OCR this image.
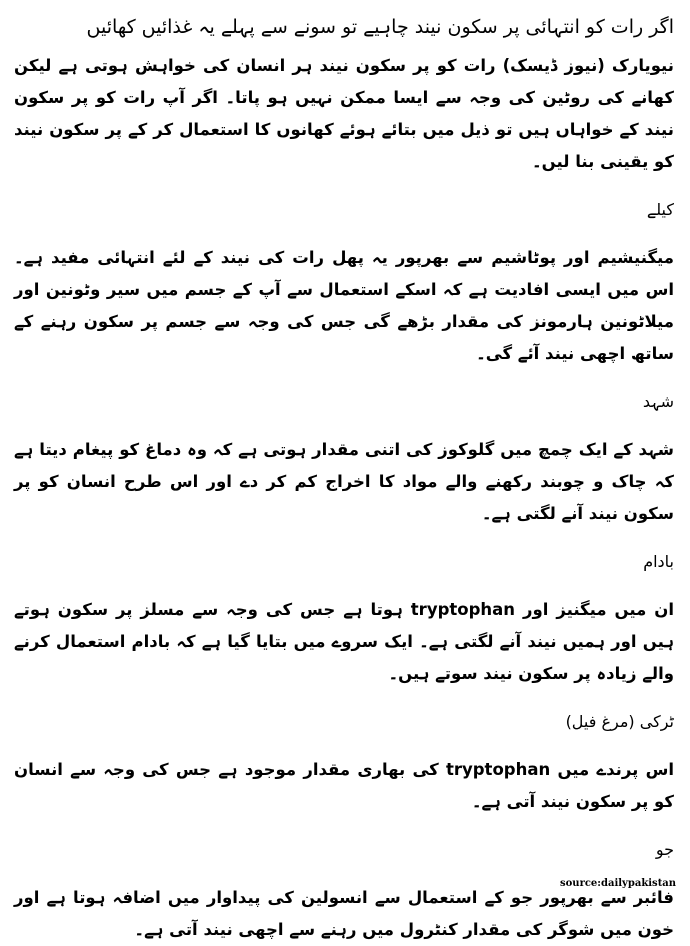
اگر رات کو انتہائی پر سکون نیند چاہیے تو سونے سے پہلے یہ غذائیں کھائیں

نیویارک (نیوز ڈیسک) رات کو پر سکون نیند ہر انسان کی خواہش ہوتی ہے لیکن کھانے کی روٹین کی وجہ سے ایسا ممکن نہیں ہو پاتا۔ اگر آپ رات کو پر سکون نیند کے خواہاں ہیں تو ذیل میں بتائے ہوئے کھانوں کا استعمال کر کے پر سکون نیند کو یقینی بنا لیں۔

کیلے

میگنیشیم اور پوٹاشیم سے بھرپور یہ پھل رات کی نیند کے لئے انتہائی مفید ہے۔ اس میں ایسی افادیت ہے کہ اسکے استعمال سے آپ کے جسم میں سیر وٹونین اور میلاٹونین ہارمونز کی مقدار بڑھے گی جس کی وجہ سے جسم پر سکون رہنے کے ساتھ اچھی نیند آئے گی۔

شہد

شہد کے ایک چمچ میں گلوکوز کی اتنی مقدار ہوتی ہے کہ وہ دماغ کو پیغام دیتا ہے کہ چاک و چوبند رکھنے والے مواد کا اخراج کم کر دے اور اس طرح انسان کو پر سکون نیند آنے لگتی ہے۔

بادام

ان میں میگنیز اور tryptophan ہوتا ہے جس کی وجہ سے مسلز پر سکون ہوتے ہیں اور ہمیں نیند آنے لگتی ہے۔ ایک سروے میں بتایا گیا ہے کہ بادام استعمال کرنے والے زیادہ پر سکون نیند سوتے ہیں۔

ٹرکی (مرغ فیل)

اس پرندے میں tryptophan کی بھاری مقدار موجود ہے جس کی وجہ سے انسان کو پر سکون نیند آتی ہے۔

جو

فائبر سے بھرپور جو کے استعمال سے انسولین کی پیداوار میں اضافہ ہوتا ہے اور خون میں شوگر کی مقدار کنٹرول میں رہنے سے اچھی نیند آتی ہے۔

source:dailypakistan
